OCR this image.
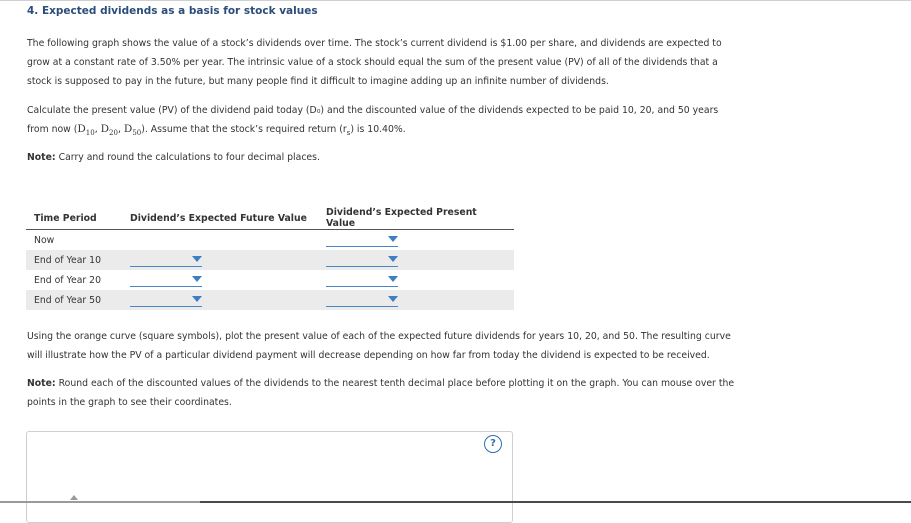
4. Expected dividends as a basis for stock values
The following graph shows the value of a stock’s dividends over time. The stock’s current dividend is $1.00 per share, and dividends are expected to
grow at a constant rate of 3.50% per year. The intrinsic value of a stock should equal the sum of the present value (PV) of all of the dividends that a
stock is supposed to pay in the future, but many people find it difficult to imagine adding up an infinite number of dividends.
Calculate the present value (PV) of the dividend paid today (D₀) and the discounted value of the dividends expected to be paid 10, 20, and 50 years
from now ($D_{10}$, $D_{20}$, $D_{50}$). Assume that the stock’s required return $(r_s)$ is 10.40%.
Note: Carry and round the calculations to four decimal places.
Time Period	Dividend’s Expected Future Value	Dividend’s Expected Present Value
Now		

End of Year 10	

End of Year 20	

End of Year 50	

Using the orange curve (square symbols), plot the present value of each of the expected future dividends for years 10, 20, and 50. The resulting curve
will illustrate how the PV of a particular dividend payment will decrease depending on how far from today the dividend is expected to be received.
Note: Round each of the discounted values of the dividends to the nearest tenth decimal place before plotting it on the graph. You can mouse over the
points in the graph to see their coordinates.
?
